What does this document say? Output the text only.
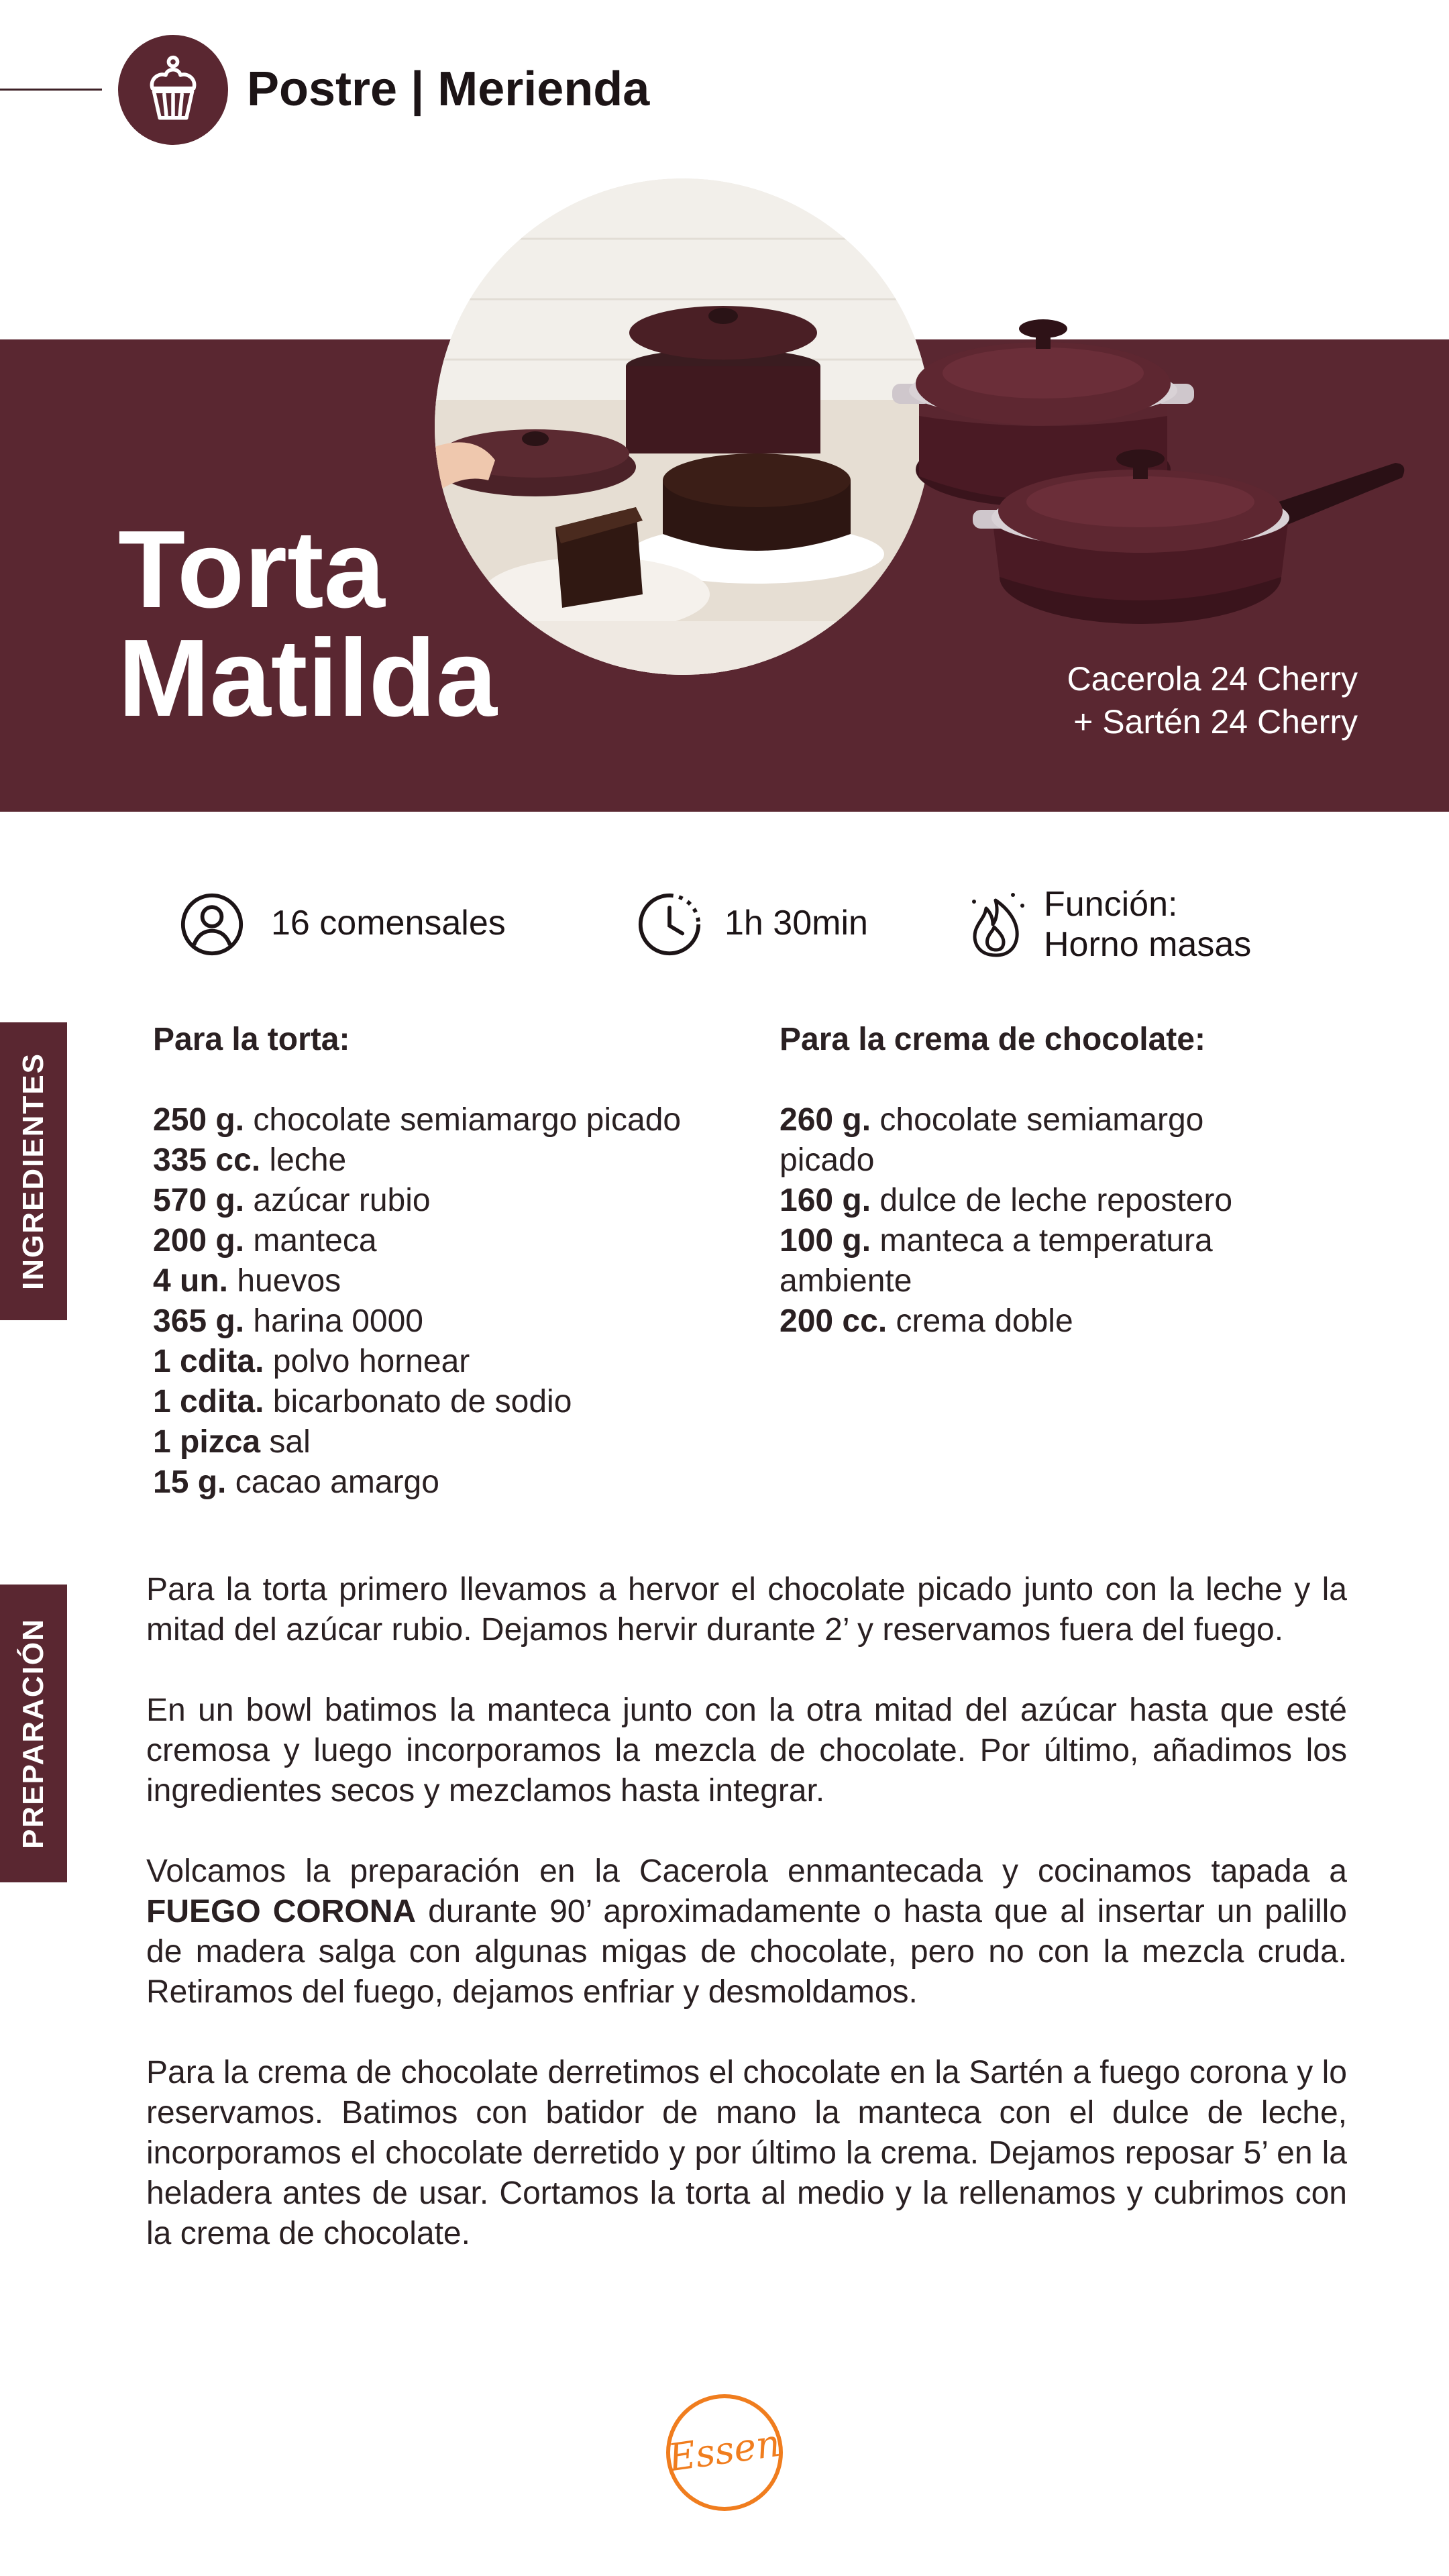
Postre | Merienda
Torta
Matilda	Cacerola 24 Cherry
+ Sartén 24 Cherry
16 comensales	1h 30min	Función:
Horno masas
INGREDIENTES
PREPARACIÓN
Para la torta:
250 g. chocolate semiamargo picado
335 cc. leche
570 g. azúcar rubio
200 g. manteca
4 un. huevos
365 g. harina 0000
1 cdita. polvo hornear
1 cdita. bicarbonato de sodio
1 pizca sal
15 g. cacao amargo
Para la crema de chocolate:
260 g. chocolate semiamargo
picado
160 g. dulce de leche repostero
100 g. manteca a temperatura
ambiente
200 cc. crema doble

Para la torta primero llevamos a hervor el chocolate picado junto con la leche y la mitad del azúcar rubio. Dejamos hervir durante 2’ y reservamos fuera del fuego.

En un bowl batimos la manteca junto con la otra mitad del azúcar hasta que esté cremosa y luego incorporamos la mezcla de chocolate. Por último, añadimos los ingredientes secos y mezclamos hasta integrar.

Volcamos la preparación en la Cacerola enmantecada y cocinamos tapada a FUEGO CORONA durante 90’ aproximadamente o hasta que al insertar un palillo de madera salga con algunas migas de chocolate, pero no con la mezcla cruda. Retiramos del fuego, dejamos enfriar y desmoldamos.

Para la crema de chocolate derretimos el chocolate en la Sartén a fuego corona y lo reservamos. Batimos con batidor de mano la manteca con el dulce de leche, incorporamos el chocolate derretido y por último la crema. Dejamos reposar 5’ en la heladera antes de usar. Cortamos la torta al medio y la rellenamos y cubrimos con la crema de chocolate.

Essen
